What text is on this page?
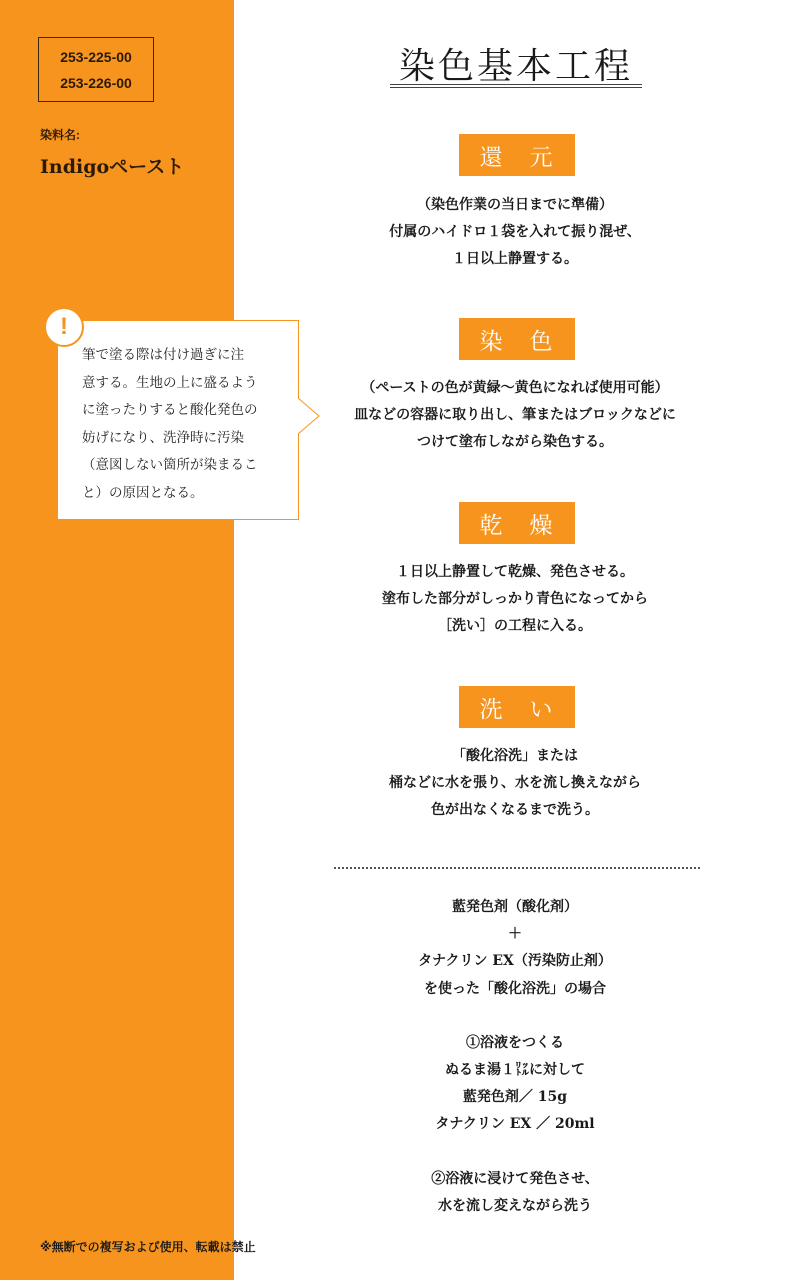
253-225-00
253-226-00
染料名:
Indigoペースト
!
筆で塗る際は付け過ぎに注
意する。生地の上に盛るよう
に塗ったりすると酸化発色の
妨げになり、洗浄時に汚染
（意図しない箇所が染まるこ
と）の原因となる。
染色基本工程
還　元
（染色作業の当日までに準備）
付属のハイドロ１袋を入れて振り混ぜ、
１日以上静置する。
染　色
（ペーストの色が黄緑～黄色になれば使用可能）
皿などの容器に取り出し、筆またはブロックなどに
つけて塗布しながら染色する。
乾　燥
１日以上静置して乾燥、発色させる。
塗布した部分がしっかり青色になってから
［洗い］の工程に入る。
洗　い
「酸化浴洗」または
桶などに水を張り、水を流し換えながら
色が出なくなるまで洗う。
藍発色剤（酸化剤）
＋
タナクリン EX（汚染防止剤）
を使った「酸化浴洗」の場合
①浴液をつくる
ぬるま湯１㍑に対して
藍発色剤／ 15g
タナクリン EX ／ 20ml
②浴液に浸けて発色させ、
水を流し変えながら洗う
※無断での複写および使用、転載は禁止
